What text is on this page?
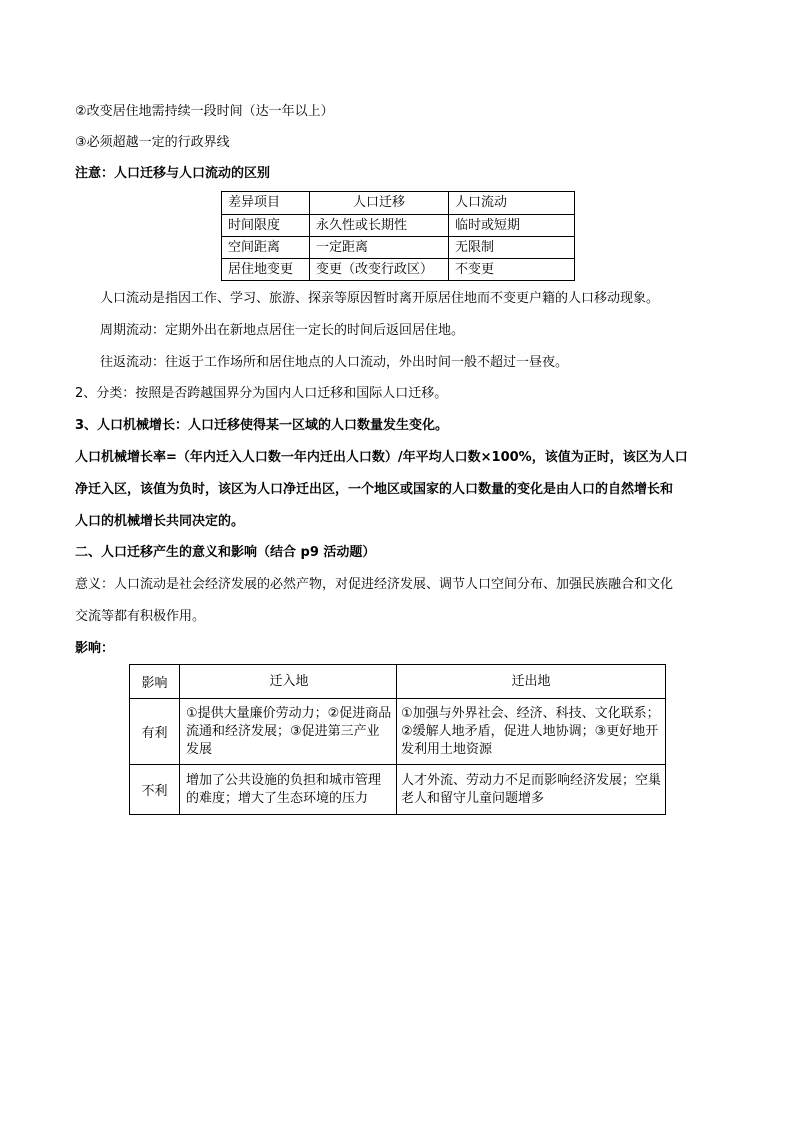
②改变居住地需持续一段时间（达一年以上）
③必须超越一定的行政界线
注意：人口迁移与人口流动的区别
差异项目	人口迁移	人口流动
时间限度	永久性或长期性	临时或短期
空间距离	一定距离	无限制
居住地变更	变更（改变行政区）	不变更
人口流动是指因工作、学习、旅游、探亲等原因暂时离开原居住地而不变更户籍的人口移动现象。
周期流动：定期外出在新地点居住一定长的时间后返回居住地。
往返流动：往返于工作场所和居住地点的人口流动，外出时间一般不超过一昼夜。
2、分类：按照是否跨越国界分为国内人口迁移和国际人口迁移。
3、人口机械增长：人口迁移使得某一区域的人口数量发生变化。
人口机械增长率=（年内迁入人口数一年内迁出人口数）/年平均人口数×100%，该值为正时，该区为人口
净迁入区，该值为负时，该区为人口净迁出区，一个地区或国家的人口数量的变化是由人口的自然增长和
人口的机械增长共同决定的。
二、人口迁移产生的意义和影响（结合 p9 活动题）
意义：人口流动是社会经济发展的必然产物，对促进经济发展、调节人口空间分布、加强民族融合和文化
交流等都有积极作用。
影响：
影响	迁入地	迁出地
有利	①提供大量廉价劳动力；②促进商品流通和经济发展；③促进第三产业发展	①加强与外界社会、经济、科技、文化联系；②缓解人地矛盾，促进人地协调；③更好地开发利用土地资源
不利	增加了公共设施的负担和城市管理的难度；增大了生态环境的压力	人才外流、劳动力不足而影响经济发展；空巢老人和留守儿童问题增多
